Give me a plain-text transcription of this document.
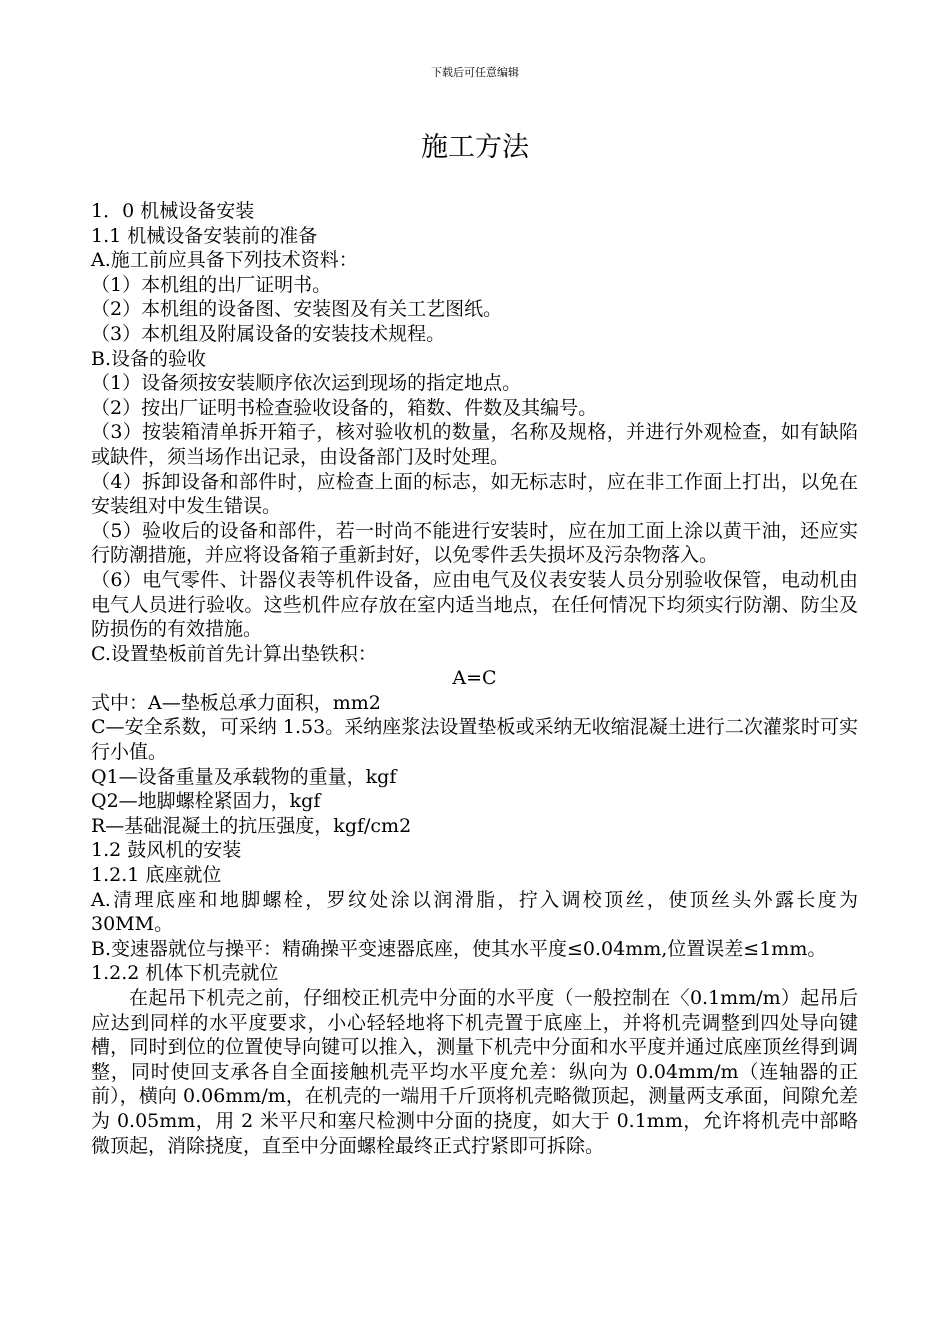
下载后可任意编辑
施工方法

1．0 机械设备安装

1.1 机械设备安装前的准备

A.施工前应具备下列技术资料：

（1）本机组的出厂证明书。

（2）本机组的设备图、安装图及有关工艺图纸。

（3）本机组及附属设备的安装技术规程。

B.设备的验收

（1）设备须按安装顺序依次运到现场的指定地点。

（2）按出厂证明书检查验收设备的，箱数、件数及其编号。

（3）按装箱清单拆开箱子，核对验收机的数量，名称及规格，并进行外观检查，如有缺陷或缺件，须当场作出记录，由设备部门及时处理。

（4）拆卸设备和部件时，应检查上面的标志，如无标志时，应在非工作面上打出，以免在安装组对中发生错误。

（5）验收后的设备和部件，若一时尚不能进行安装时，应在加工面上涂以黄干油，还应实行防潮措施，并应将设备箱子重新封好，以免零件丢失损坏及污杂物落入。

（6）电气零件、计器仪表等机件设备，应由电气及仪表安装人员分别验收保管，电动机由电气人员进行验收。这些机件应存放在室内适当地点，在任何情况下均须实行防潮、防尘及防损伤的有效措施。

C.设置垫板前首先计算出垫铁积：

A=C

式中：A—垫板总承力面积，mm2

C—安全系数，可采纳 1.53。采纳座浆法设置垫板或采纳无收缩混凝土进行二次灌浆时可实行小值。

Q1—设备重量及承载物的重量，kgf

Q2—地脚螺栓紧固力，kgf

R—基础混凝土的抗压强度，kgf/cm2

1.2 鼓风机的安装

1.2.1 底座就位

A.清理底座和地脚螺栓，罗纹处涂以润滑脂，拧入调校顶丝，使顶丝头外露长度为 30MM。

B.变速器就位与操平：精确操平变速器底座，使其水平度≤0.04mm,位置误差≤1mm。

1.2.2 机体下机壳就位

在起吊下机壳之前，仔细校正机壳中分面的水平度（一般控制在〈0.1mm/m）起吊后应达到同样的水平度要求，小心轻轻地将下机壳置于底座上，并将机壳调整到四处导向键槽，同时到位的位置使导向键可以推入，测量下机壳中分面和水平度并通过底座顶丝得到调整，同时使回支承各自全面接触机壳平均水平度允差：纵向为 0.04mm/m（连轴器的正前），横向 0.06mm/m，在机壳的一端用千斤顶将机壳略微顶起，测量两支承面，间隙允差为 0.05mm，用 2 米平尺和塞尺检测中分面的挠度，如大于 0.1mm，允许将机壳中部略微顶起，消除挠度，直至中分面螺栓最终正式拧紧即可拆除。
